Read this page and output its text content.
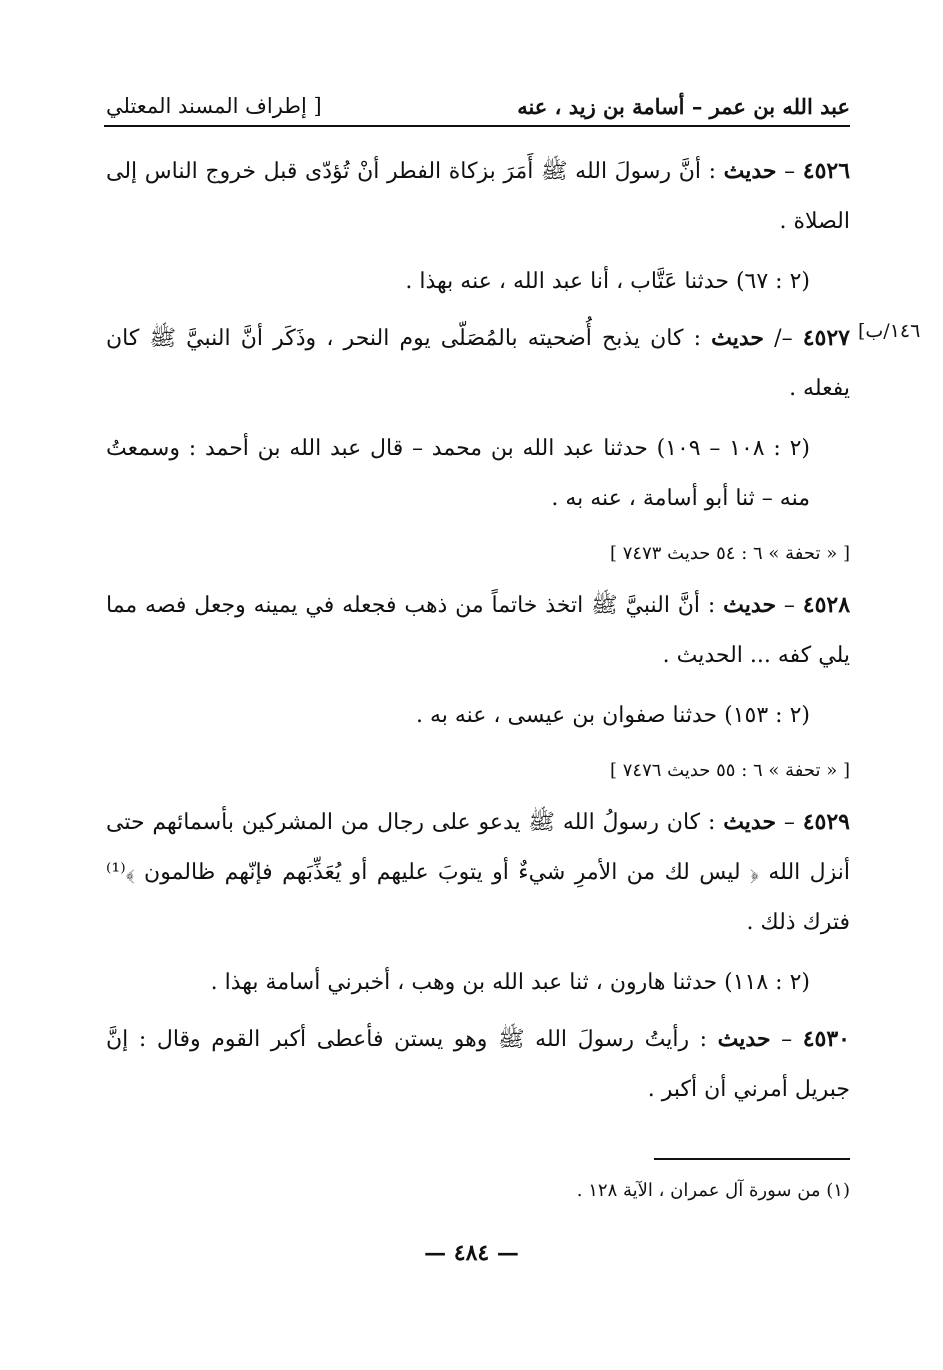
عبد الله بن عمر – أسامة بن زيد ، عنه
[ إطراف المسند المعتلي
١٤٦/ب]

٤٥٢٦ – حديث : أنَّ رسولَ الله ﷺ أَمَرَ بزكاة الفطر أنْ تُؤدّى قبل خروج الناس إلى الصلاة .

(٢ : ٦٧) حدثنا عَتَّاب ، أنا عبد الله ، عنه بهذا .

٤٥٢٧ –/ حديث : كان يذبح أُضحيته بالمُصَلّى يوم النحر ، وذَكَر أنَّ النبيَّ ﷺ كان يفعله .

(٢ : ١٠٨ – ١٠٩) حدثنا عبد الله بن محمد – قال عبد الله بن أحمد : وسمعتُ منه – ثنا أبو أسامة ، عنه به .

[ « تحفة » ٦ : ٥٤ حديث ٧٤٧٣ ]

٤٥٢٨ – حديث : أنَّ النبيَّ ﷺ اتخذ خاتماً من ذهب فجعله في يمينه وجعل فصه مما يلي كفه ... الحديث .

(٢ : ١٥٣) حدثنا صفوان بن عيسى ، عنه به .

[ « تحفة » ٦ : ٥٥ حديث ٧٤٧٦ ]

٤٥٢٩ – حديث : كان رسولُ الله ﷺ يدعو على رجال من المشركين بأسمائهم حتى أنزل الله ﴿ ليس لك من الأمرِ شيءٌ أو يتوبَ عليهم أو يُعَذِّبَهم فإنّهم ظالمون ﴾⁽¹⁾ فترك ذلك .

(٢ : ١١٨) حدثنا هارون ، ثنا عبد الله بن وهب ، أخبرني أسامة بهذا .

٤٥٣٠ – حديث : رأيتُ رسولَ الله ﷺ وهو يستن فأعطى أكبر القوم وقال : إنَّ جبريل أمرني أن أكبر .

(١) من سورة آل عمران ، الآية ١٢٨ .
— ٤٨٤ —
